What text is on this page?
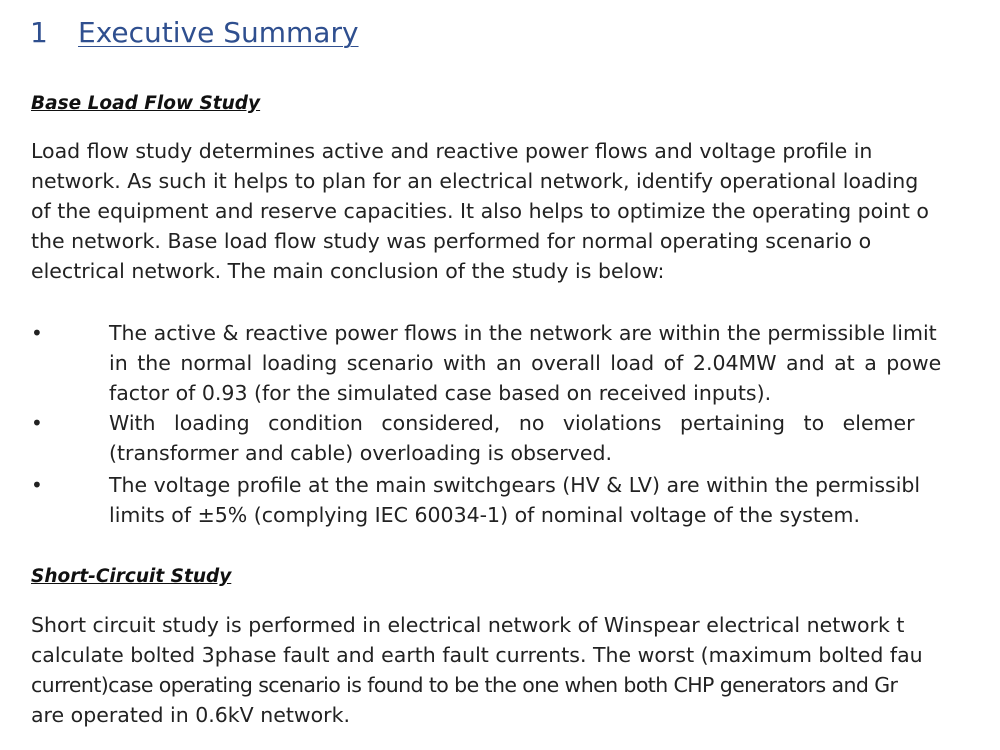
1 Executive Summary
Base Load Flow Study
Load flow study determines active and reactive power flows and voltage profile in
network. As such it helps to plan for an electrical network, identify operational loading
of the equipment and reserve capacities. It also helps to optimize the operating point o
the network. Base load flow study was performed for normal operating scenario o
electrical network. The main conclusion of the study is below:
•	The active & reactive power flows in the network are within the permissible limit
in the normal loading scenario with an overall load of 2.04MW and at a powe
factor of 0.93 (for the simulated case based on received inputs).
•	With loading condition considered, no violations pertaining to elemer
(transformer and cable) overloading is observed.
•	The voltage profile at the main switchgears (HV & LV) are within the permissibl
limits of ±5% (complying IEC 60034-1) of nominal voltage of the system.
Short-Circuit Study
Short circuit study is performed in electrical network of Winspear electrical network t
calculate bolted 3phase fault and earth fault currents. The worst (maximum bolted fau
current)case operating scenario is found to be the one when both CHP generators and Gr
are operated in 0.6kV network.
